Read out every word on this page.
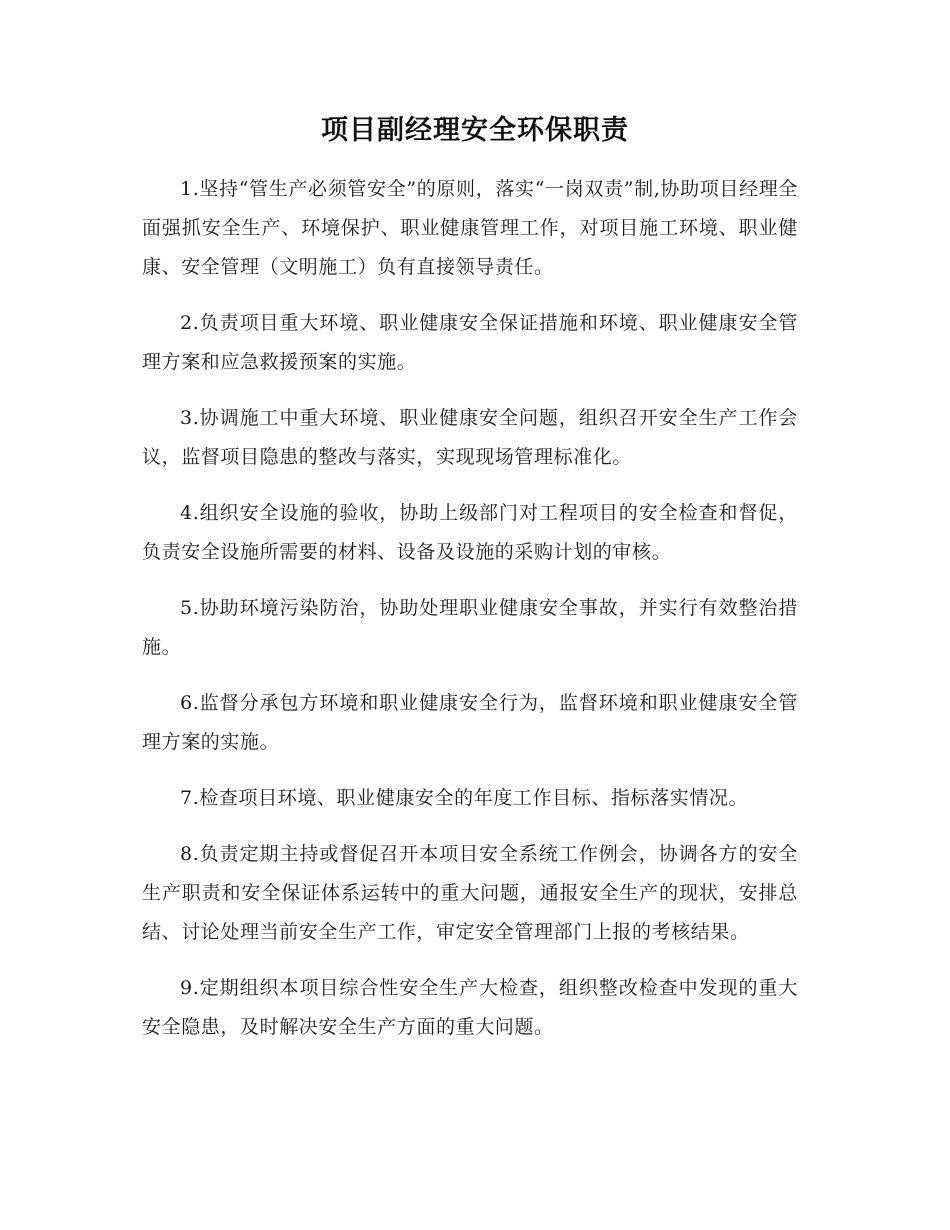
项目副经理安全环保职责

1.坚持“管生产必须管安全”的原则，落实“一岗双责”制,协助项目经理全面强抓安全生产、环境保护、职业健康管理工作，对项目施工环境、职业健康、安全管理（文明施工）负有直接领导责任。

2.负责项目重大环境、职业健康安全保证措施和环境、职业健康安全管理方案和应急救援预案的实施。

3.协调施工中重大环境、职业健康安全问题，组织召开安全生产工作会议，监督项目隐患的整改与落实，实现现场管理标准化。

4.组织安全设施的验收，协助上级部门对工程项目的安全检查和督促，负责安全设施所需要的材料、设备及设施的采购计划的审核。

5.协助环境污染防治，协助处理职业健康安全事故，并实行有效整治措施。

6.监督分承包方环境和职业健康安全行为，监督环境和职业健康安全管理方案的实施。

7.检查项目环境、职业健康安全的年度工作目标、指标落实情况。

8.负责定期主持或督促召开本项目安全系统工作例会，协调各方的安全生产职责和安全保证体系运转中的重大问题，通报安全生产的现状，安排总结、讨论处理当前安全生产工作，审定安全管理部门上报的考核结果。

9.定期组织本项目综合性安全生产大检查，组织整改检查中发现的重大安全隐患，及时解决安全生产方面的重大问题。
